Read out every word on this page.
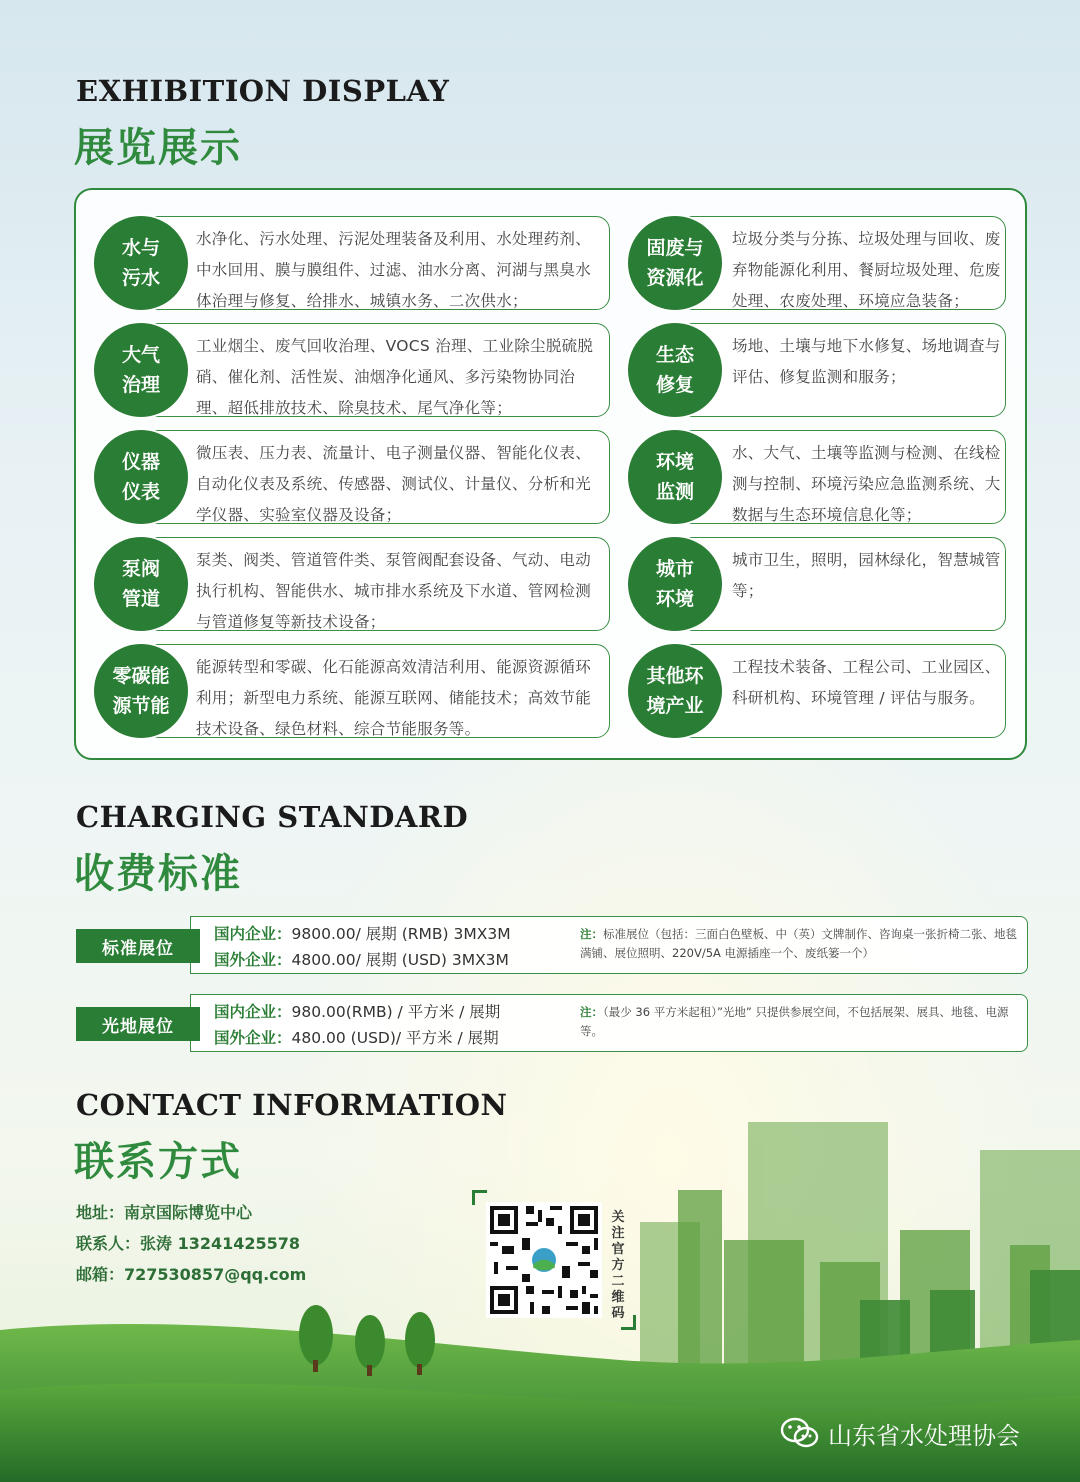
EXHIBITION DISPLAY
展览展示
水与
污水
水净化、污水处理、污泥处理装备及利用、水处理药剂、中水回用、膜与膜组件、过滤、油水分离、河湖与黑臭水体治理与修复、给排水、城镇水务、二次供水；
大气
治理
工业烟尘、废气回收治理、VOCS 治理、工业除尘脱硫脱硝、催化剂、活性炭、油烟净化通风、多污染物协同治理、超低排放技术、除臭技术、尾气净化等；
仪器
仪表
微压表、压力表、流量计、电子测量仪器、智能化仪表、自动化仪表及系统、传感器、测试仪、计量仪、分析和光学仪器、实验室仪器及设备；
泵阀
管道
泵类、阀类、管道管件类、泵管阀配套设备、气动、电动执行机构、智能供水、城市排水系统及下水道、管网检测与管道修复等新技术设备；
零碳能
源节能
能源转型和零碳、化石能源高效清洁利用、能源资源循环利用；新型电力系统、能源互联网、储能技术；高效节能技术设备、绿色材料、综合节能服务等。
固废与
资源化
垃圾分类与分拣、垃圾处理与回收、废弃物能源化利用、餐厨垃圾处理、危废处理、农废处理、环境应急装备；
生态
修复
场地、土壤与地下水修复、场地调查与评估、修复监测和服务；
环境
监测
水、大气、土壤等监测与检测、在线检测与控制、环境污染应急监测系统、大数据与生态环境信息化等；
城市
环境
城市卫生，照明，园林绿化，智慧城管等；
其他环
境产业
工程技术装备、工程公司、工业园区、科研机构、环境管理 / 评估与服务。
CHARGING STANDARD
收费标准
标准展位
国内企业：9800.00/ 展期 (RMB) 3MX3M
国外企业：4800.00/ 展期 (USD) 3MX3M
注：标准展位（包括：三面白色壁板、中（英）文牌制作、咨询桌一张折椅二张、地毯满铺、展位照明、220V/5A 电源插座一个、废纸篓一个）
光地展位
国内企业：980.00(RMB) / 平方米 / 展期
国外企业：480.00 (USD)/ 平方米 / 展期
注：（最少 36 平方米起租）”光地” 只提供参展空间，不包括展架、展具、地毯、电源等。
CONTACT INFORMATION
联系方式
地址：南京国际博览中心
联系人：张涛 13241425578
邮箱：727530857@qq.com
关注官方二维码
山东省水处理协会
